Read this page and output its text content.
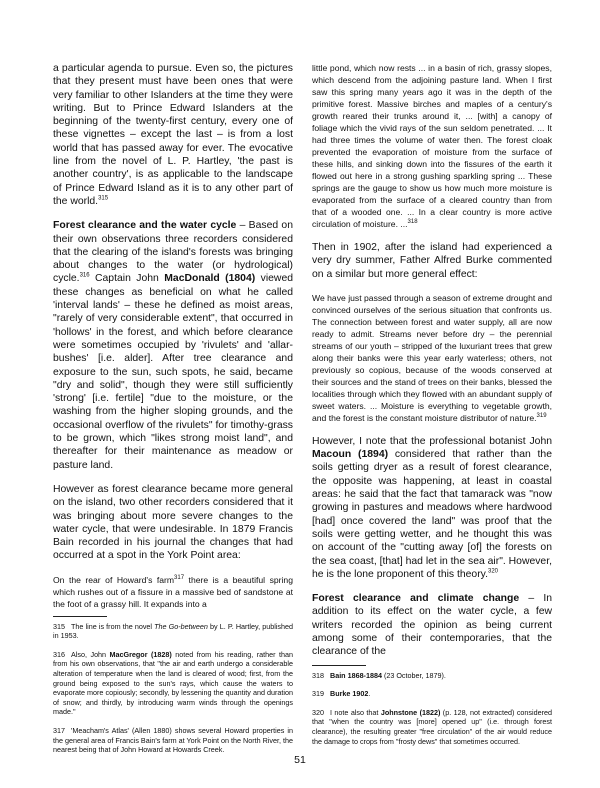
a particular agenda to pursue. Even so, the pictures that they present must have been ones that were very familiar to other Islanders at the time they were writing. But to Prince Edward Islanders at the beginning of the twenty-first century, every one of these vignettes – except the last – is from a lost world that has passed away for ever. The evocative line from the novel of L. P. Hartley, 'the past is another country', is as applicable to the landscape of Prince Edward Island as it is to any other part of the world.$^{315}$

Forest clearance and the water cycle – Based on their own observations three recorders considered that the clearing of the island's forests was bringing about changes to the water (or hydrological) cycle.$^{316}$ Captain John MacDonald (1804) viewed these changes as beneficial on what he called 'interval lands' – these he defined as moist areas, "rarely of very considerable extent", that occurred in 'hollows' in the forest, and which before clearance were sometimes occupied by 'rivulets' and 'allar-bushes' [i.e. alder]. After tree clearance and exposure to the sun, such spots, he said, became "dry and solid", though they were still sufficiently 'strong' [i.e. fertile] "due to the moisture, or the washing from the higher sloping grounds, and the occasional overflow of the rivulets" for timothy-grass to be grown, which "likes strong moist land", and thereafter for their maintenance as meadow or pasture land.

However as forest clearance became more general on the island, two other recorders considered that it was bringing about more severe changes to the water cycle, that were undesirable. In 1879 Francis Bain recorded in his journal the changes that had occurred at a spot in the York Point area:

On the rear of Howard's farm$^{317}$ there is a beautiful spring which rushes out of a fissure in a massive bed of sandstone at the foot of a grassy hill. It expands into a

315 The line is from the novel The Go-between by L. P. Hartley, published in 1953.

316 Also, John MacGregor (1828) noted from his reading, rather than from his own observations, that "the air and earth undergo a considerable alteration of temperature when the land is cleared of wood; first, from the ground being exposed to the sun's rays, which cause the waters to evaporate more copiously; secondly, by lessening the quantity and duration of snow; and thirdly, by introducing warm winds through the openings made."

317 'Meacham's Atlas' (Allen 1880) shows several Howard properties in the general area of Francis Bain's farm at York Point on the North River, the nearest being that of John Howard at Howards Creek.

little pond, which now rests ... in a basin of rich, grassy slopes, which descend from the adjoining pasture land. When I first saw this spring many years ago it was in the depth of the primitive forest. Massive birches and maples of a century's growth reared their trunks around it, ... [with] a canopy of foliage which the vivid rays of the sun seldom penetrated. ... It had three times the volume of water then. The forest cloak prevented the evaporation of moisture from the surface of these hills, and sinking down into the fissures of the earth it flowed out here in a strong gushing sparkling spring ... These springs are the gauge to show us how much more moisture is evaporated from the surface of a cleared country than from that of a wooded one. ... In a clear country is more active circulation of moisture. ...$^{318}$

Then in 1902, after the island had experienced a very dry summer, Father Alfred Burke commented on a similar but more general effect:

We have just passed through a season of extreme drought and convinced ourselves of the serious situation that confronts us. The connection between forest and water supply, all are now ready to admit. Streams never before dry – the perennial streams of our youth – stripped of the luxuriant trees that grew along their banks were this year early waterless; others, not previously so copious, because of the woods conserved at their sources and the stand of trees on their banks, blessed the localities through which they flowed with an abundant supply of sweet waters. ... Moisture is everything to vegetable growth, and the forest is the constant moisture distributor of nature.$^{319}$

However, I note that the professional botanist John Macoun (1894) considered that rather than the soils getting dryer as a result of forest clearance, the opposite was happening, at least in coastal areas: he said that the fact that tamarack was "now growing in pastures and meadows where hardwood [had] once covered the land" was proof that the soils were getting wetter, and he thought this was on account of the "cutting away [of] the forests on the sea coast, [that] had let in the sea air". However, he is the lone proponent of this theory.$^{320}$

Forest clearance and climate change – In addition to its effect on the water cycle, a few writers recorded the opinion as being current among some of their contemporaries, that the clearance of the

318 Bain 1868-1884 (23 October, 1879).

319 Burke 1902.

320 I note also that Johnstone (1822) (p. 128, not extracted) considered that "when the country was [more] opened up" (i.e. through forest clearance), the resulting greater "free circulation" of the air would reduce the damage to crops from "frosty dews" that sometimes occurred.

51
